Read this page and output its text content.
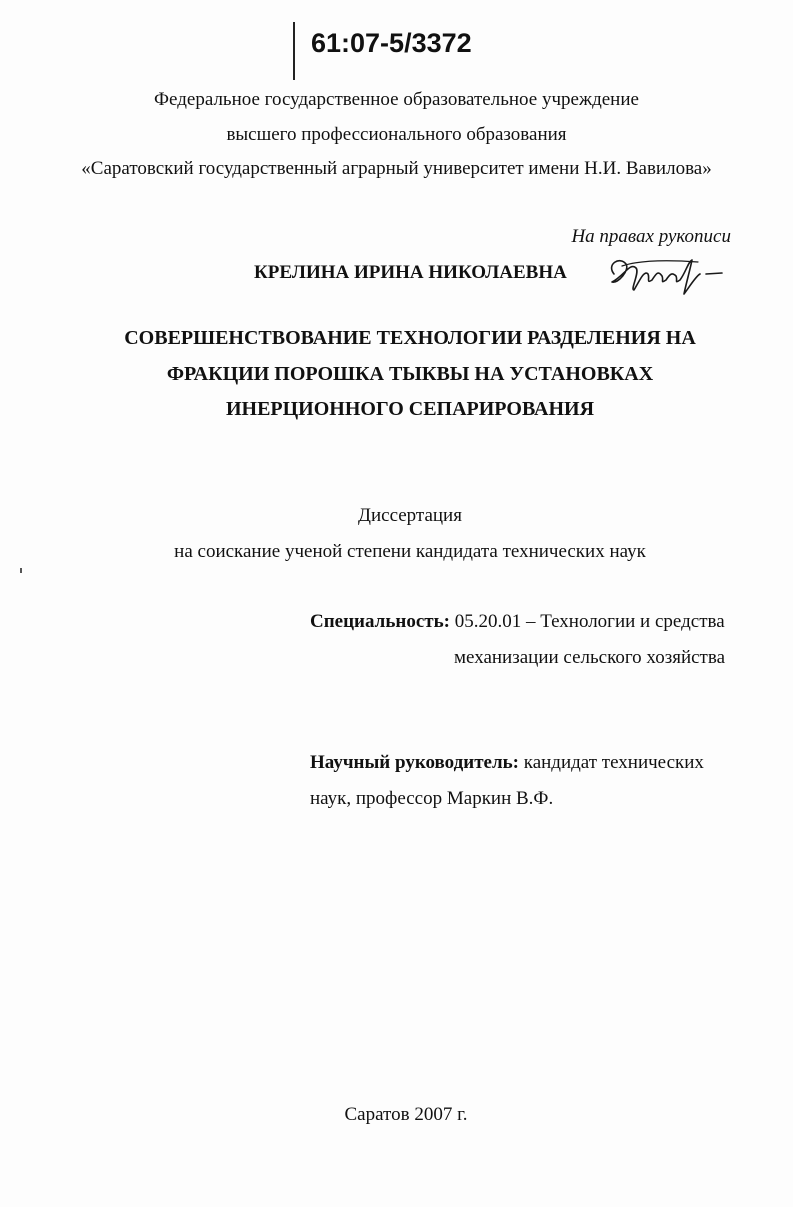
61:07-5/3372
Федеральное государственное образовательное учреждение
высшего профессионального образования
«Саратовский государственный аграрный университет имени Н.И. Вавилова»
На правах рукописи
КРЕЛИНА ИРИНА НИКОЛАЕВНА
СОВЕРШЕНСТВОВАНИЕ ТЕХНОЛОГИИ РАЗДЕЛЕНИЯ НА
ФРАКЦИИ ПОРОШКА ТЫКВЫ НА УСТАНОВКАХ
ИНЕРЦИОННОГО СЕПАРИРОВАНИЯ
Диссертация
на соискание ученой степени кандидата технических наук
Специальность: 05.20.01 – Технологии и средства
механизации сельского хозяйства
Научный руководитель: кандидат технических
наук, профессор Маркин В.Ф.
Саратов 2007 г.
